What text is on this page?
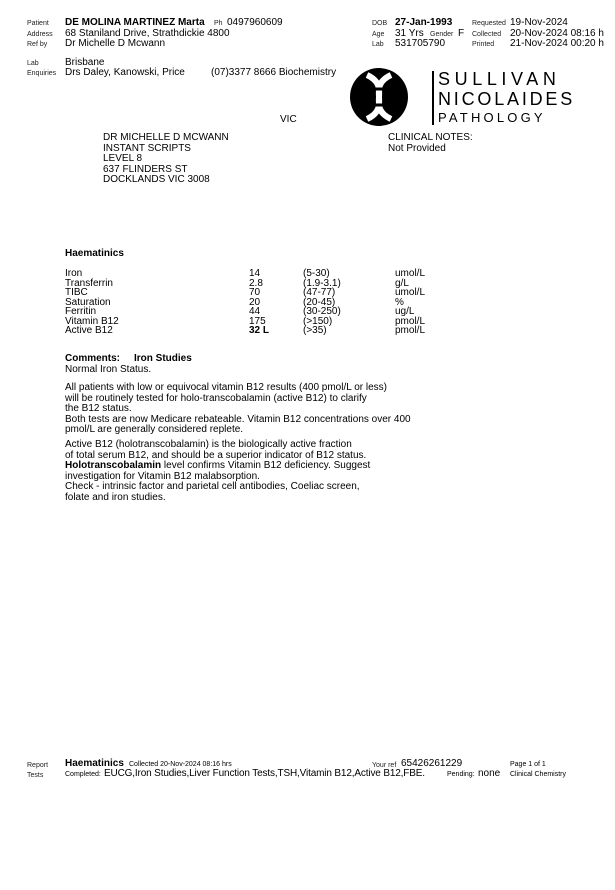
Patient DE MOLINA MARTINEZ Marta Ph 0497960609
Address 68 Staniland Drive, Strathdickie 4800
Ref by Dr Michelle D Mcwann
DOB 27-Jan-1993
Age 31 Yrs Gender F
Lab 531705790
Requested 19-Nov-2024
Collected 20-Nov-2024 08:16 h
Printed 21-Nov-2024 00:20 h
Lab	Brisbane
Enquiries Drs Daley, Kanowski, Price	(07)3377 8666 Biochemistry
VIC
SULLIVAN
NICOLAIDES
PATHOLOGY
DR MICHELLE D MCWANN
INSTANT SCRIPTS
LEVEL 8
637 FLINDERS ST
DOCKLANDS VIC 3008
CLINICAL NOTES:
Not Provided
Haematinics
Iron	14	(5-30)	umol/L
Transferrin	2.8	(1.9-3.1)	g/L
TIBC	70	(47-77)	umol/L
Saturation	20	(20-45)	%
Ferritin	44	(30-250)	ug/L
Vitamin B12	175	(>150)	pmol/L
Active B12	32 L	(>35)	pmol/L
Comments: Iron Studies
Normal Iron Status.
All patients with low or equivocal vitamin B12 results (400 pmol/L or less)
will be routinely tested for holo-transcobalamin (active B12) to clarify
the B12 status.
Both tests are now Medicare rebateable. Vitamin B12 concentrations over 400
pmol/L are generally considered replete.
Active B12 (holotranscobalamin) is the biologically active fraction
of total serum B12, and should be a superior indicator of B12 status.
Holotranscobalamin level confirms Vitamin B12 deficiency. Suggest
investigation for Vitamin B12 malabsorption.
Check - intrinsic factor and parietal cell antibodies, Coeliac screen,
folate and iron studies.
Report Haematinics Collected 20-Nov-2024 08:16 hrs	Your ref 65426261229	Page 1 of 1
Tests	Completed: EUCG,Iron Studies,Liver Function Tests,TSH,Vitamin B12,Active B12,FBE.	Pending: none Clinical Chemistry
